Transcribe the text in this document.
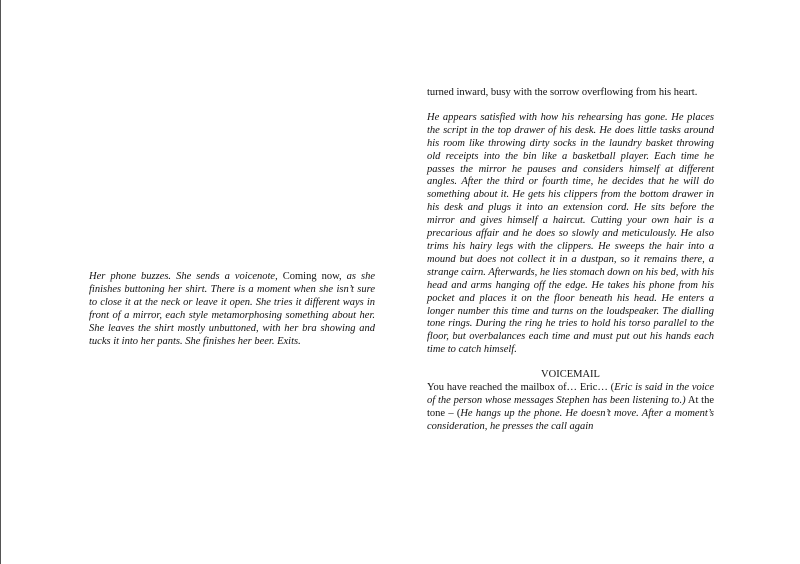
Her phone buzzes. She sends a voicenote, Coming now, as she finishes buttoning her shirt. There is a moment when she isn’t sure to close it at the neck or leave it open. She tries it different ways in front of a mirror, each style metamorphosing something about her. She leaves the shirt mostly unbuttoned, with her bra showing and tucks it into her pants. She finishes her beer. Exits.

turned inward, busy with the sorrow overflowing from his heart.

He appears satisfied with how his rehearsing has gone. He places the script in the top drawer of his desk. He does little tasks around his room like throwing dirty socks in the laundry basket throwing old receipts into the bin like a basketball player. Each time he passes the mirror he pauses and considers himself at different angles. After the third or fourth time, he decides that he will do something about it. He gets his clippers from the bottom drawer in his desk and plugs it into an extension cord. He sits before the mirror and gives himself a haircut. Cutting your own hair is a precarious affair and he does so slowly and meticulously. He also trims his hairy legs with the clippers. He sweeps the hair into a mound but does not collect it in a dustpan, so it remains there, a strange cairn. Afterwards, he lies stomach down on his bed, with his head and arms hanging off the edge. He takes his phone from his pocket and places it on the floor beneath his head. He enters a longer number this time and turns on the loudspeaker. The dialling tone rings. During the ring he tries to hold his torso parallel to the floor, but overbalances each time and must put out his hands each time to catch himself.

VOICEMAIL

You have reached the mailbox of… Eric… (Eric is said in the voice of the person whose messages Stephen has been listening to.) At the tone – (He hangs up the phone. He doesn’t move. After a moment’s consideration, he presses the call again
